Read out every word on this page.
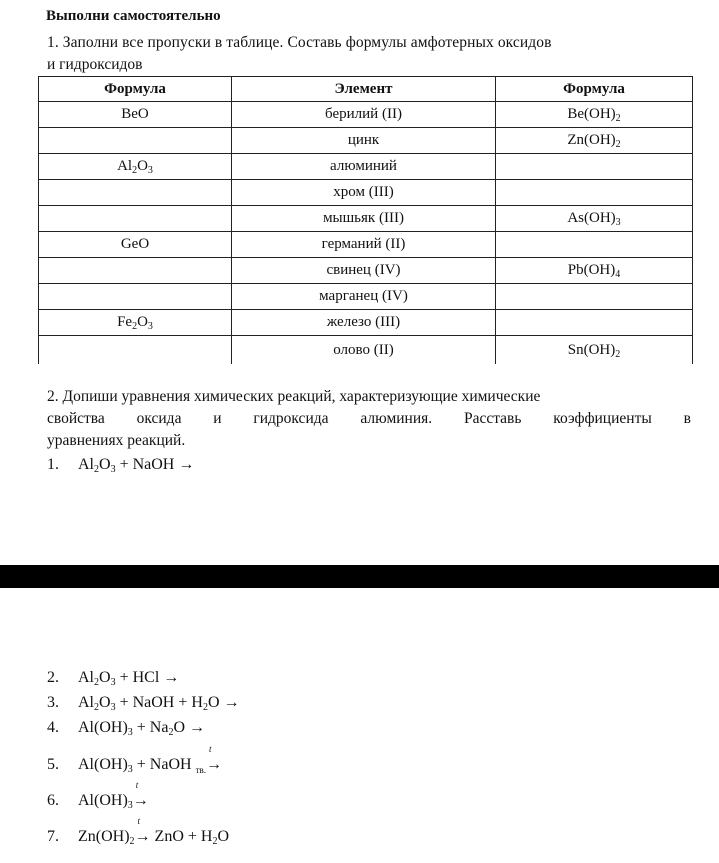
Выполни самостоятельно
1. Заполни все пропуски в таблице. Составь формулы амфотерных оксидов
и гидроксидов
Формула	Элемент	Формула
BeO	берилий (II)	$Be(OH)_2$
	цинк	$Zn(OH)_2$
$Al_2O_3$	алюминий	
	хром (III)	
	мышьяк (III)	$As(OH)_3$
GeO	германий (II)	
	свинец (IV)	$Pb(OH)_4$
	марганец (IV)	
$Fe_2O_3$	железо (III)	
	олово (II)	$Sn(OH)_2$
2. Допиши уравнения химических реакций, характеризующие химические
свойства оксида и гидроксида алюминия. Расставь коэффициенты в
уравнениях реакций.
1. $Al_2O_3$ + NaOH →
2. $Al_2O_3$ + HCl →
3. $Al_2O_3$ + NaOH + $H_2O$ →
4. $Al(OH)_3 + Na_2O$ →
5. $Al(OH)_3$ + NaOH $_{тв.}$
t
→
6. $Al(OH)_3$
t
→
7. $Zn(OH)_2$
t
→ ZnO + $H_2O$
